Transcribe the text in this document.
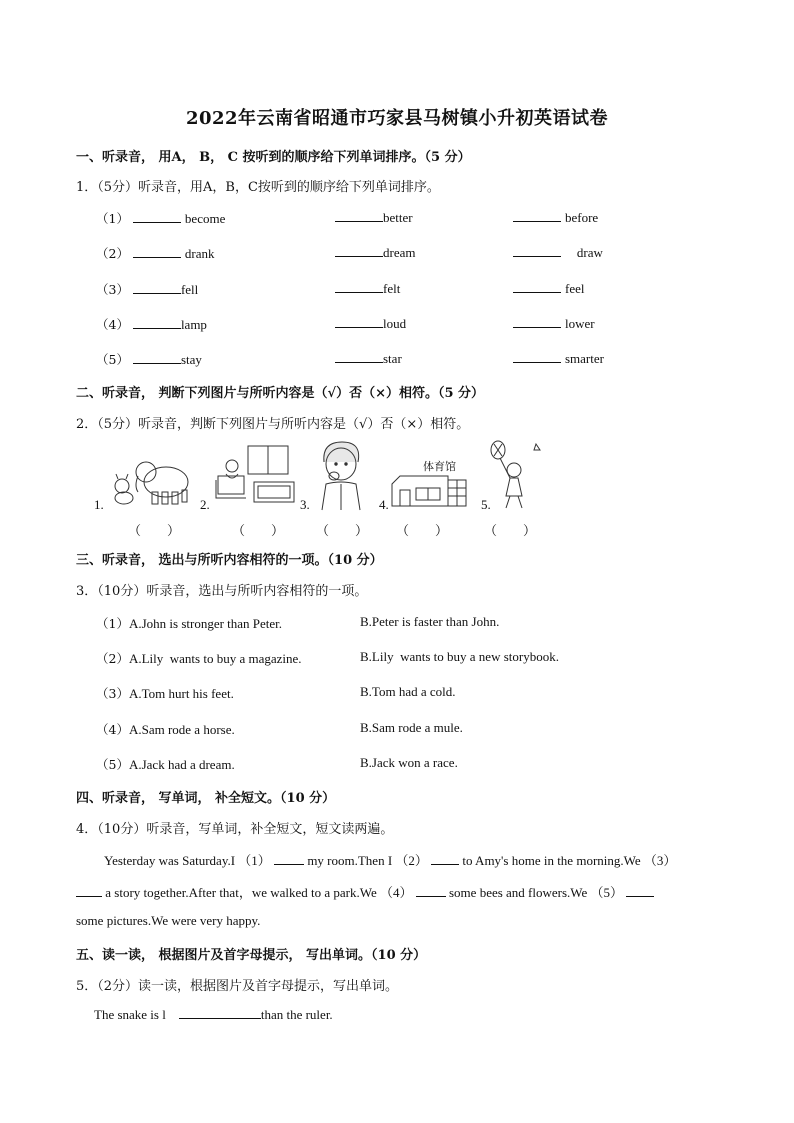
2022年云南省昭通市巧家县马树镇小升初英语试卷
一、听录音， 用A， B， C 按听到的顺序给下列单词排序。（5 分）
1．（5分）听录音，用A，B，C按听到的顺序给下列单词排序。
（1）	become	better	before
（2）	drank	dream	draw
（3）	fell	felt	feel
（4）	lamp	loud	lower
（5）	stay	star	smarter
二、听录音， 判断下列图片与所听内容是（√）否（×）相符。（5 分）
2．（5分）听录音，判断下列图片与所听内容是（√）否（×）相符。
1.
（　　）
2.
（　　）
3.
（　　）
4.
体育馆
（　　）
5.
（　　）
三、听录音， 选出与所听内容相符的一项。（10 分）
3．（10分）听录音，选出与所听内容相符的一项。
（1）A.John is stronger than Peter.	B.Peter is faster than John.
（2）A.Lily  wants to buy a magazine.	B.Lily  wants to buy a new storybook.
（3）A.Tom hurt his feet.	B.Tom had a cold.
（4）A.Sam rode a horse.	B.Sam rode a mule.
（5）A.Jack had a dream.	B.Jack won a race.
四、听录音， 写单词， 补全短文。（10 分）
4．（10分）听录音，写单词，补全短文，短文读两遍。
Yesterday was Saturday.I （1）	my room.Then I （2）	to Amy's home in the morning.We （3）
a story together.After that，we walked to a park.We （4）	some bees and flowers.We （5）
some pictures.We were very happy.
五、读一读， 根据图片及首字母提示， 写出单词。（10 分）
5．（2分）读一读，根据图片及首字母提示，写出单词。
The snake is l	than the ruler.
